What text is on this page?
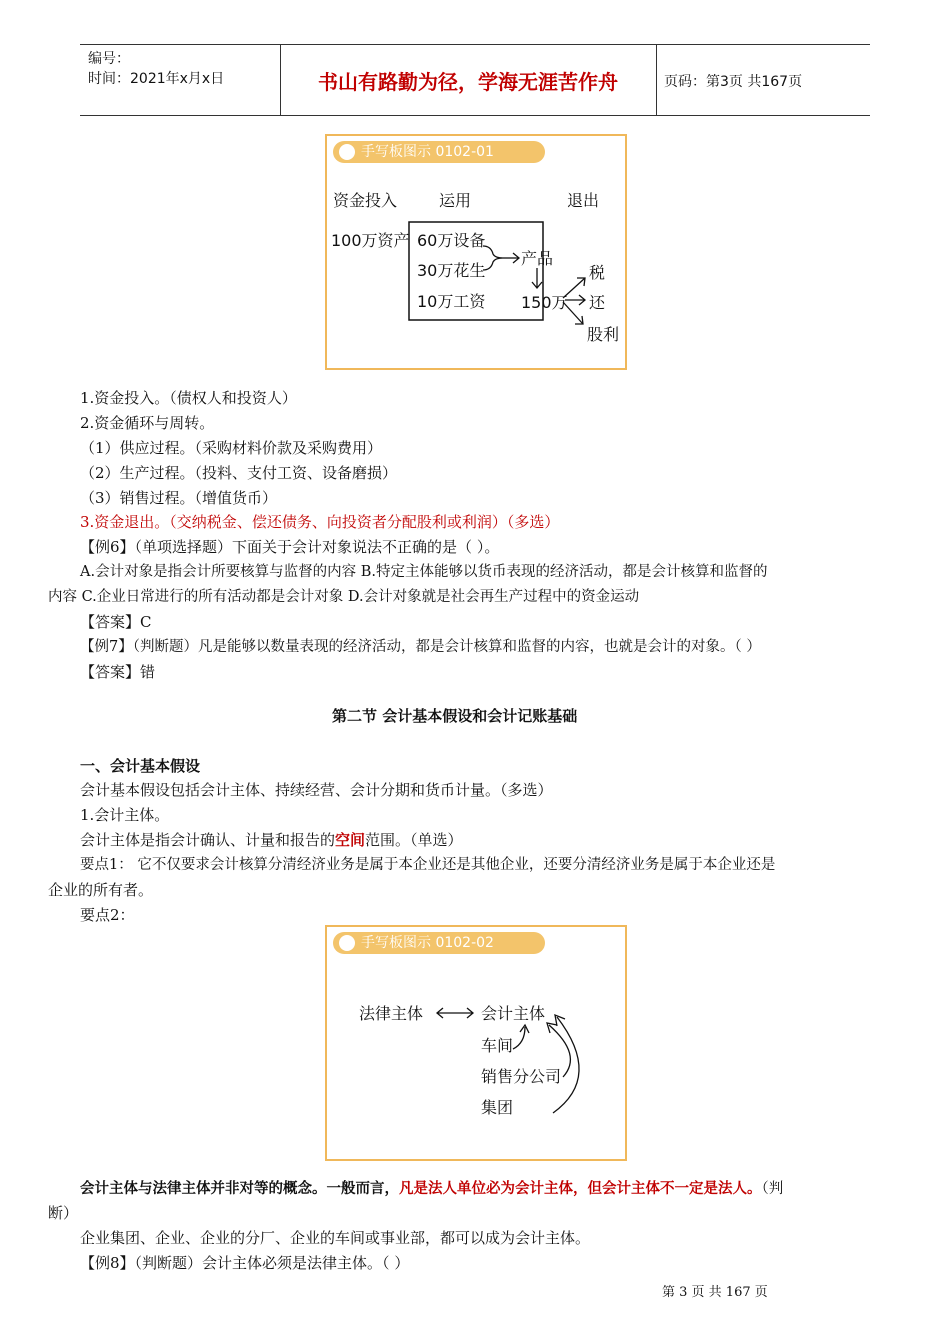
编号：
时间：2021年x月x日	书山有路勤为径，学海无涯苦作舟	页码：第3页 共167页
资金投入	运用	退出
100万资产 60万设备
30万花生
10万工资
产品
150万
税
还
股利
手写板图示 0102-01
1.资金投入。（债权人和投资人）
2.资金循环与周转。
（1）供应过程。（采购材料价款及采购费用）
（2）生产过程。（投料、支付工资、设备磨损）
（3）销售过程。（增值货币）
3.资金退出。（交纳税金、偿还债务、向投资者分配股利或利润）（多选）
【例6】（单项选择题）下面关于会计对象说法不正确的是（ ）。
A.会计对象是指会计所要核算与监督的内容 B.特定主体能够以货币表现的经济活动，都是会计核算和监督的
内容 C.企业日常进行的所有活动都是会计对象 D.会计对象就是社会再生产过程中的资金运动
【答案】C
【例7】（判断题）凡是能够以数量表现的经济活动，都是会计核算和监督的内容，也就是会计的对象。（ ）
【答案】错
第二节 会计基本假设和会计记账基础
一、会计基本假设
会计基本假设包括会计主体、持续经营、会计分期和货币计量。（多选）
1.会计主体。
会计主体是指会计确认、计量和报告的空间范围。（单选）
要点1： 它不仅要求会计核算分清经济业务是属于本企业还是其他企业，还要分清经济业务是属于本企业还是
企业的所有者。
要点2：
法律主体	会计主体
车间
销售分公司
集团
手写板图示 0102-02
会计主体与法律主体并非对等的概念。一般而言，凡是法人单位必为会计主体，但会计主体不一定是法人。（判
断）
企业集团、企业、企业的分厂、企业的车间或事业部，都可以成为会计主体。
【例8】（判断题）会计主体必须是法律主体。（ ）
第 3 页 共 167 页
